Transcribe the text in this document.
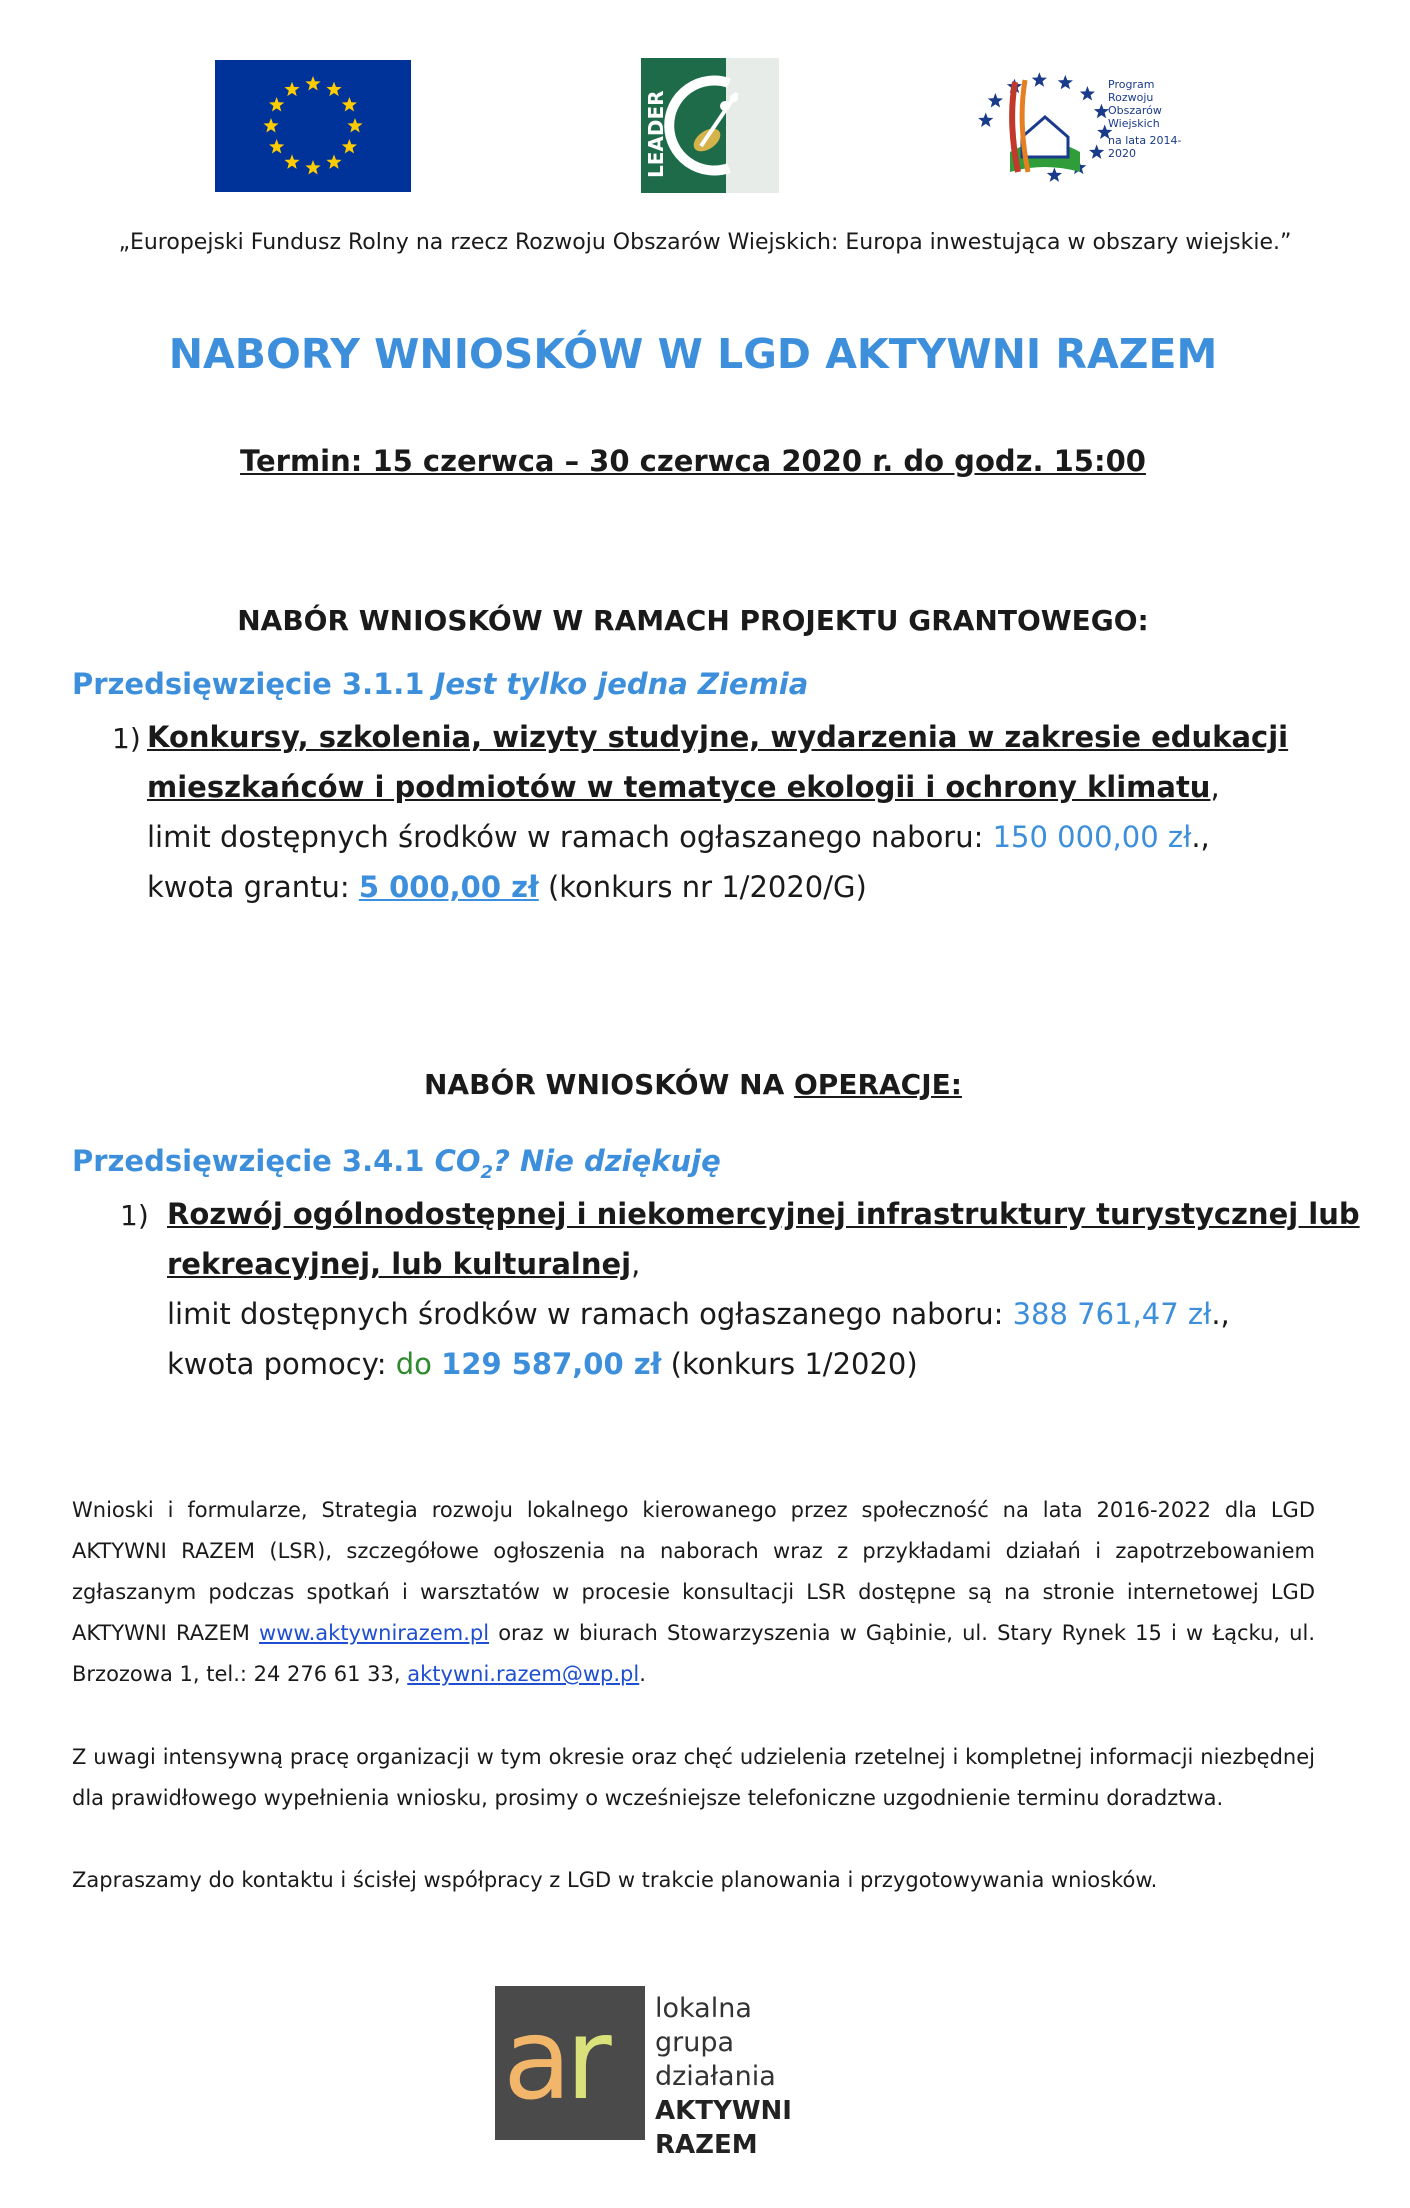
LEADER
Program
Rozwoju
Obszarów
Wiejskich
na lata 2014-2020
„Europejski Fundusz Rolny na rzecz Rozwoju Obszarów Wiejskich: Europa inwestująca w obszary wiejskie.”
NABORY WNIOSKÓW W LGD AKTYWNI RAZEM
Termin: 15 czerwca – 30 czerwca 2020 r. do godz. 15:00
NABÓR WNIOSKÓW W RAMACH PROJEKTU GRANTOWEGO:
Przedsięwzięcie 3.1.1 Jest tylko jedna Ziemia
1) Konkursy, szkolenia, wizyty studyjne, wydarzenia w zakresie edukacji
mieszkańców i podmiotów w tematyce ekologii i ochrony klimatu,
limit dostępnych środków w ramach ogłaszanego naboru: 150 000,00 zł.,
kwota grantu: 5 000,00 zł (konkurs nr 1/2020/G)
NABÓR WNIOSKÓW NA OPERACJE:
Przedsięwzięcie 3.4.1 $CO_2$? Nie dziękuję
1) Rozwój ogólnodostępnej i niekomercyjnej infrastruktury turystycznej lub
rekreacyjnej, lub kulturalnej,
limit dostępnych środków w ramach ogłaszanego naboru: 388 761,47 zł.,
kwota pomocy: do 129 587,00 zł (konkurs 1/2020)
Wnioski i formularze, Strategia rozwoju lokalnego kierowanego przez społeczność na lata 2016-2022 dla LGD AKTYWNI RAZEM (LSR), szczegółowe ogłoszenia na naborach wraz z przykładami działań i zapotrzebowaniem zgłaszanym podczas spotkań i warsztatów w procesie konsultacji LSR dostępne są na stronie internetowej LGD AKTYWNI RAZEM www.aktywnirazem.pl oraz w biurach Stowarzyszenia w Gąbinie, ul. Stary Rynek 15 i w Łącku, ul. Brzozowa 1, tel.: 24 276 61 33, aktywni.razem@wp.pl.
Z uwagi intensywną pracę organizacji w tym okresie oraz chęć udzielenia rzetelnej i kompletnej informacji niezbędnej dla prawidłowego wypełnienia wniosku, prosimy o wcześniejsze telefoniczne uzgodnienie terminu doradztwa.
Zapraszamy do kontaktu i ścisłej współpracy z LGD w trakcie planowania i przygotowywania wniosków.
ar lokalna
grupa
działania
AKTYWNI RAZEM
